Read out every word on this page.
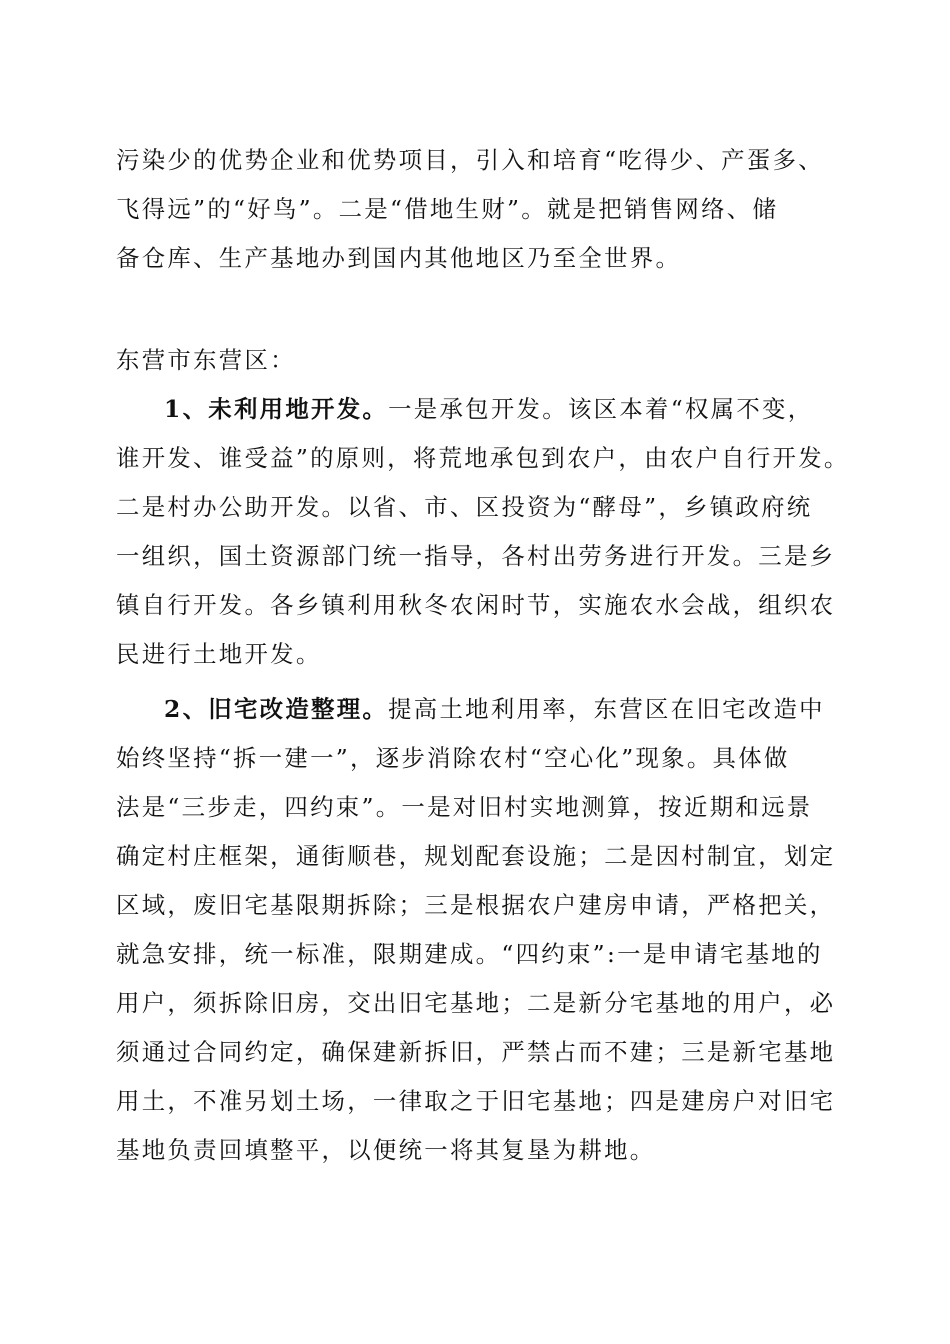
污染少的优势企业和优势项目，引入和培育“吃得少、产蛋多、
飞得远”的“好鸟”。二是“借地生财”。就是把销售网络、储
备仓库、生产基地办到国内其他地区乃至全世界。
东营市东营区：
1、未利用地开发。一是承包开发。该区本着“权属不变，
谁开发、谁受益”的原则，将荒地承包到农户，由农户自行开发。
二是村办公助开发。以省、市、区投资为“酵母”，乡镇政府统
一组织，国土资源部门统一指导，各村出劳务进行开发。三是乡
镇自行开发。各乡镇利用秋冬农闲时节，实施农水会战，组织农
民进行土地开发。
2、旧宅改造整理。提高土地利用率，东营区在旧宅改造中
始终坚持“拆一建一”，逐步消除农村“空心化”现象。具体做
法是“三步走，四约束”。一是对旧村实地测算，按近期和远景
确定村庄框架，通街顺巷，规划配套设施；二是因村制宜，划定
区域，废旧宅基限期拆除；三是根据农户建房申请，严格把关，
就急安排，统一标准，限期建成。“四约束”:一是申请宅基地的
用户，须拆除旧房，交出旧宅基地；二是新分宅基地的用户，必
须通过合同约定，确保建新拆旧，严禁占而不建；三是新宅基地
用土，不准另划土场，一律取之于旧宅基地；四是建房户对旧宅
基地负责回填整平，以便统一将其复垦为耕地。
